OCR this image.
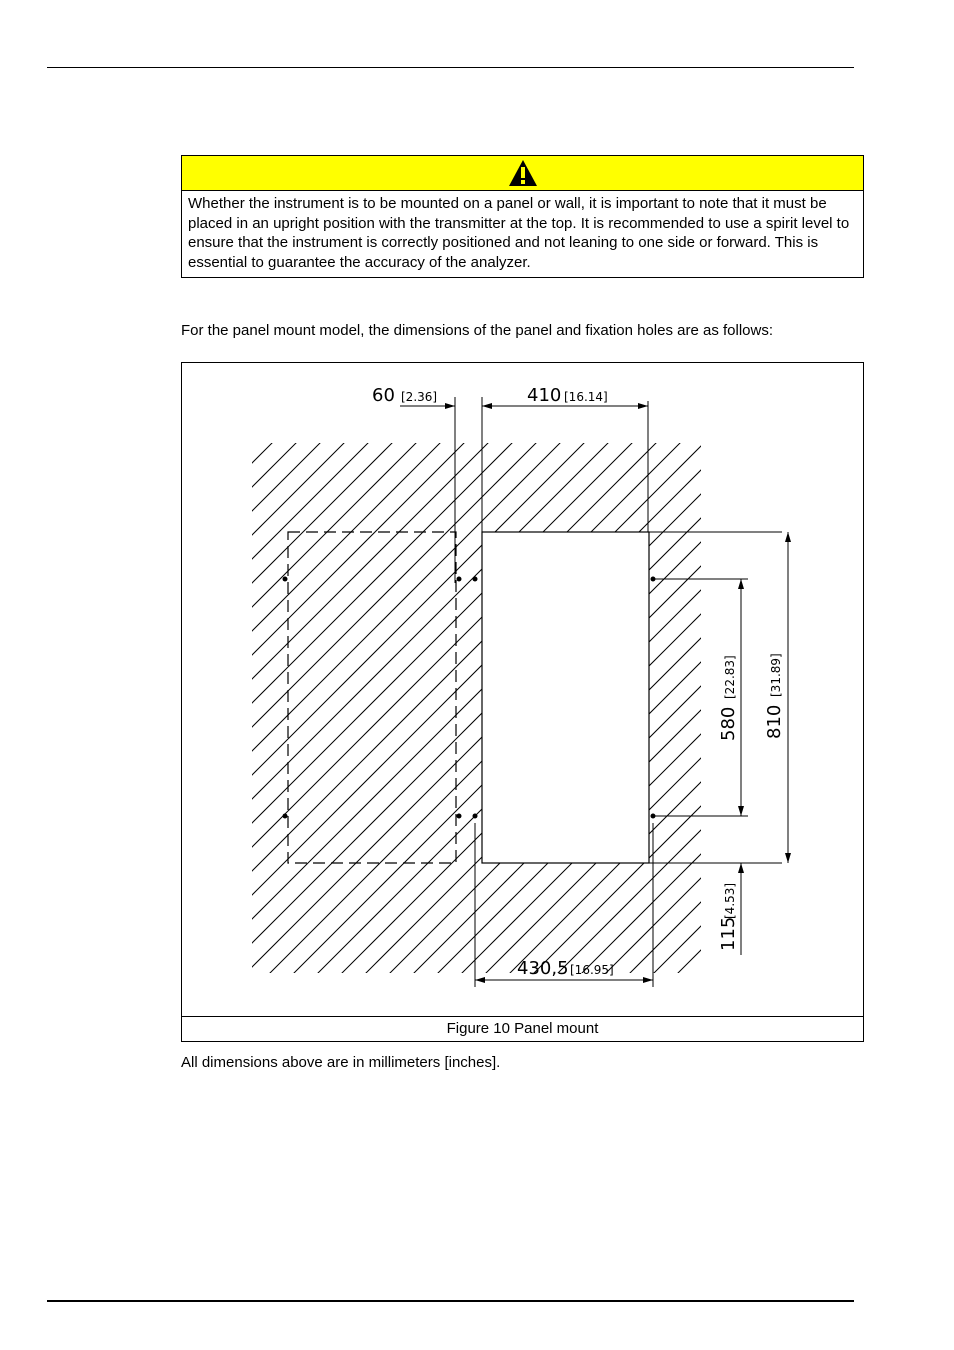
Whether the instrument is to be mounted on a panel or wall, it is important to note that it must be placed in an upright position with the transmitter at the top. It is recommended to use a spirit level to ensure that the instrument is correctly positioned and not leaning to one side or forward. This is essential to guarantee the accuracy of the analyzer.
For the panel mount model, the dimensions of the panel and fixation holes are as follows:
60 [2.36]	410 [16.14]
580
[22.83]
810
[31.89]
115
[4.53]
430,5 [16.95]
Figure 10 Panel mount
All dimensions above are in millimeters [inches].
